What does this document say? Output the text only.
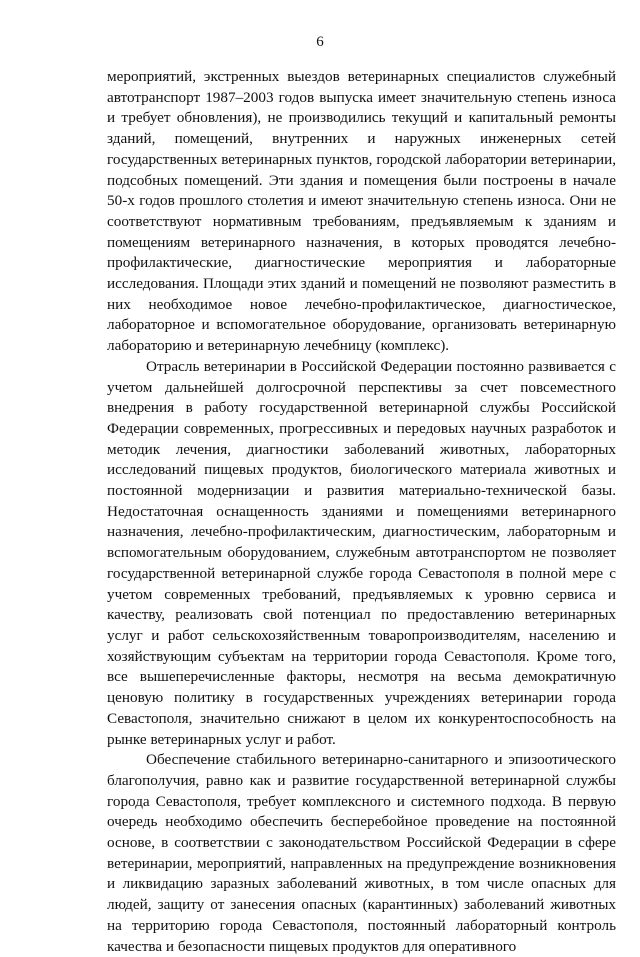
6

мероприятий, экстренных выездов ветеринарных специалистов служебный автотранспорт 1987–2003 годов выпуска имеет значительную степень износа и требует обновления), не производились текущий и капитальный ремонты зданий, помещений, внутренних и наружных инженерных сетей государственных ветеринарных пунктов, городской лаборатории ветеринарии, подсобных помещений. Эти здания и помещения были построены в начале 50-х годов прошлого столетия и имеют значительную степень износа. Они не соответствуют нормативным требованиям, предъявляемым к зданиям и помещениям ветеринарного назначения, в которых проводятся лечебно-профилактические, диагностические мероприятия и лабораторные исследования. Площади этих зданий и помещений не позволяют разместить в них необходимое новое лечебно-профилактическое, диагностическое, лабораторное и вспомогательное оборудование, организовать ветеринарную лабораторию и ветеринарную лечебницу (комплекс).

Отрасль ветеринарии в Российской Федерации постоянно развивается с учетом дальнейшей долгосрочной перспективы за счет повсеместного внедрения в работу государственной ветеринарной службы Российской Федерации современных, прогрессивных и передовых научных разработок и методик лечения, диагностики заболеваний животных, лабораторных исследований пищевых продуктов, биологического материала животных и постоянной модернизации и развития материально-технической базы. Недостаточная оснащенность зданиями и помещениями ветеринарного назначения, лечебно-профилактическим, диагностическим, лабораторным и вспомогательным оборудованием, служебным автотранспортом не позволяет государственной ветеринарной службе города Севастополя в полной мере с учетом современных требований, предъявляемых к уровню сервиса и качеству, реализовать свой потенциал по предоставлению ветеринарных услуг и работ сельскохозяйственным товаропроизводителям, населению и хозяйствующим субъектам на территории города Севастополя. Кроме того, все вышеперечисленные факторы, несмотря на весьма демократичную ценовую политику в государственных учреждениях ветеринарии города Севастополя, значительно снижают в целом их конкурентоспособность на рынке ветеринарных услуг и работ.

Обеспечение стабильного ветеринарно-санитарного и эпизоотического благополучия, равно как и развитие государственной ветеринарной службы города Севастополя, требует комплексного и системного подхода. В первую очередь необходимо обеспечить бесперебойное проведение на постоянной основе, в соответствии с законодательством Российской Федерации в сфере ветеринарии, мероприятий, направленных на предупреждение возникновения и ликвидацию заразных заболеваний животных, в том числе опасных для людей, защиту от занесения опасных (карантинных) заболеваний животных на территорию города Севастополя, постоянный лабораторный контроль качества и безопасности пищевых продуктов для оперативного
